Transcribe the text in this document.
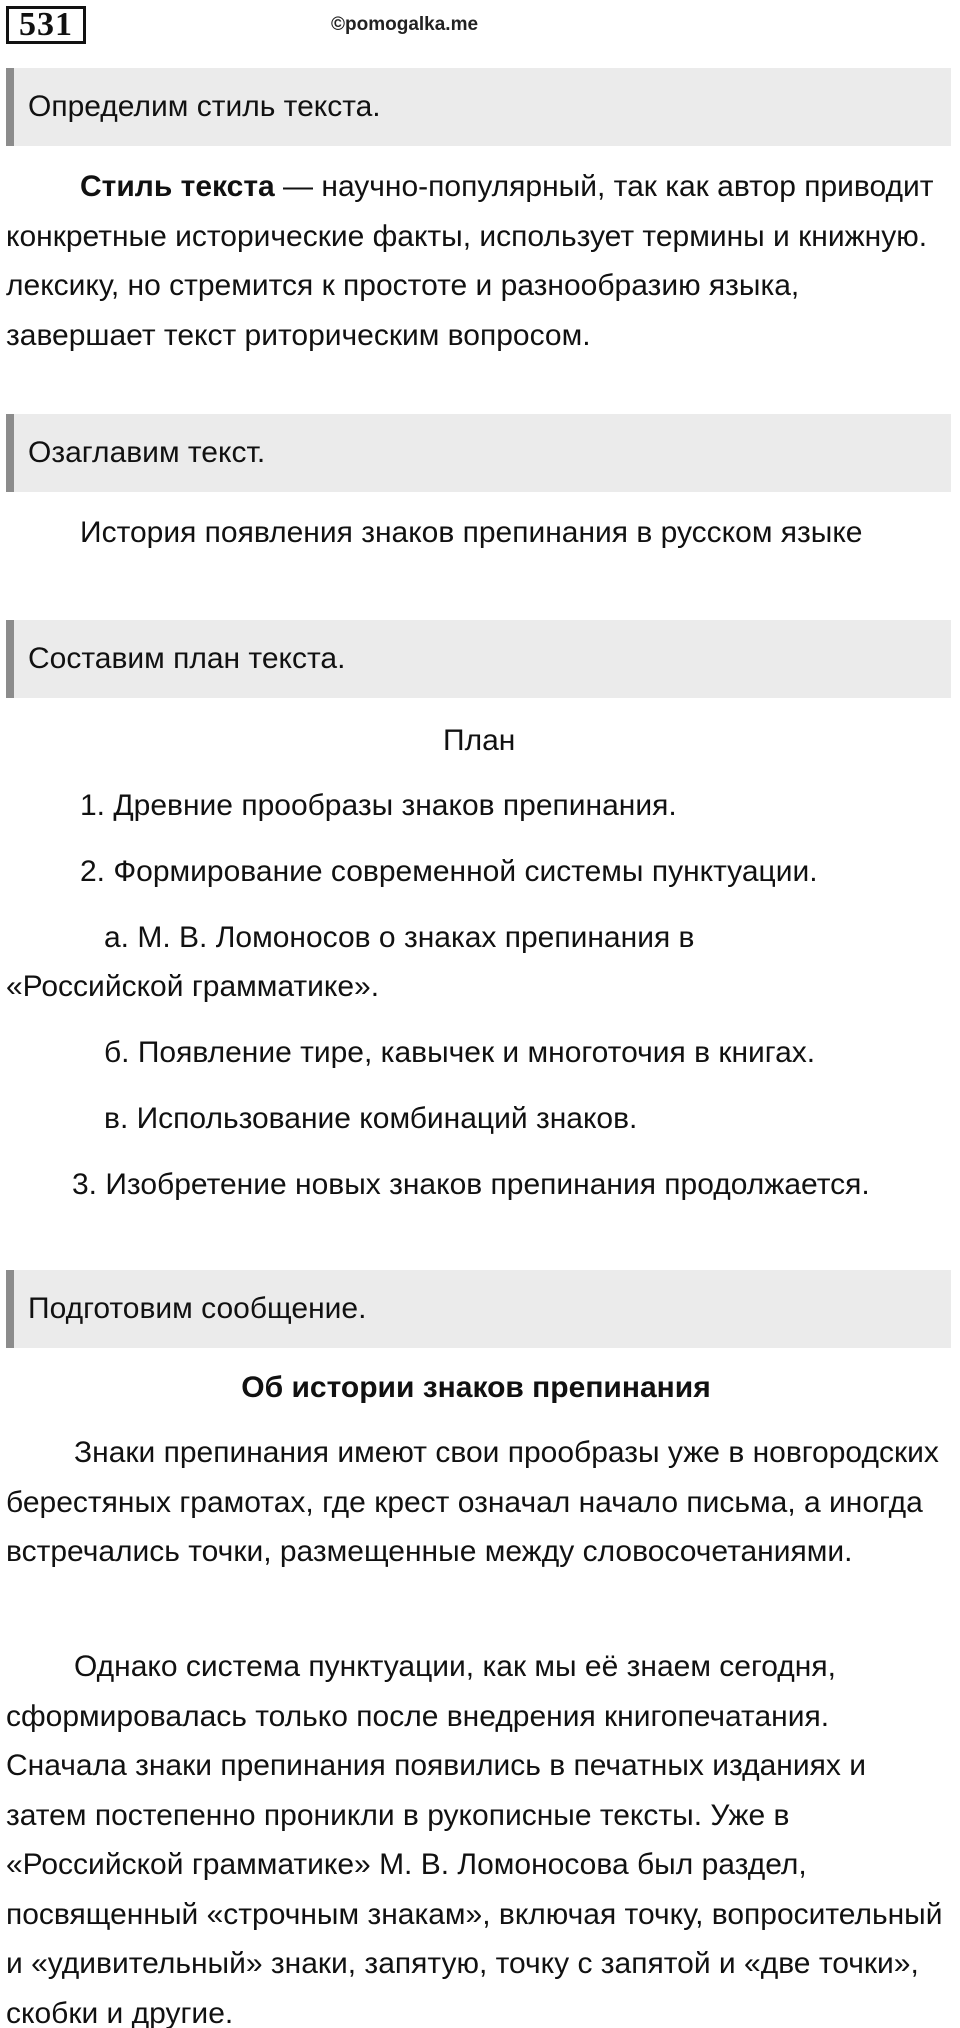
531	©pomogalka.me
Определим стиль текста.
Стиль текста — научно-популярный, так как автор приводит конкретные исторические факты, использует термины и книжную. лексику, но стремится к простоте и разнообразию языка, завершает текст риторическим вопросом.
Озаглавим текст.
История появления знаков препинания в русском языке
Составим план текста.
План
1. Древние прообразы знаков препинания.
2. Формирование современной системы пунктуации.
а. М. В. Ломоносов о знаках препинания в
«Российской грамматике».
б. Появление тире, кавычек и многоточия в книгах.
в. Использование комбинаций знаков.
3. Изобретение новых знаков препинания продолжается.
Подготовим сообщение.
Об истории знаков препинания
Знаки препинания имеют свои прообразы уже в новгородских берестяных грамотах, где крест означал начало письма, а иногда встречались точки, размещенные между словосочетаниями.
Однако система пунктуации, как мы её знаем сегодня, сформировалась только после внедрения книгопечатания. Сначала знаки препинания появились в печатных изданиях и затем постепенно проникли в рукописные тексты. Уже в «Российской грамматике» М. В. Ломоносова был раздел, посвященный «строчным знакам», включая точку, вопросительный и «удивительный» знаки, запятую, точку с запятой и «две точки», скобки и другие.
